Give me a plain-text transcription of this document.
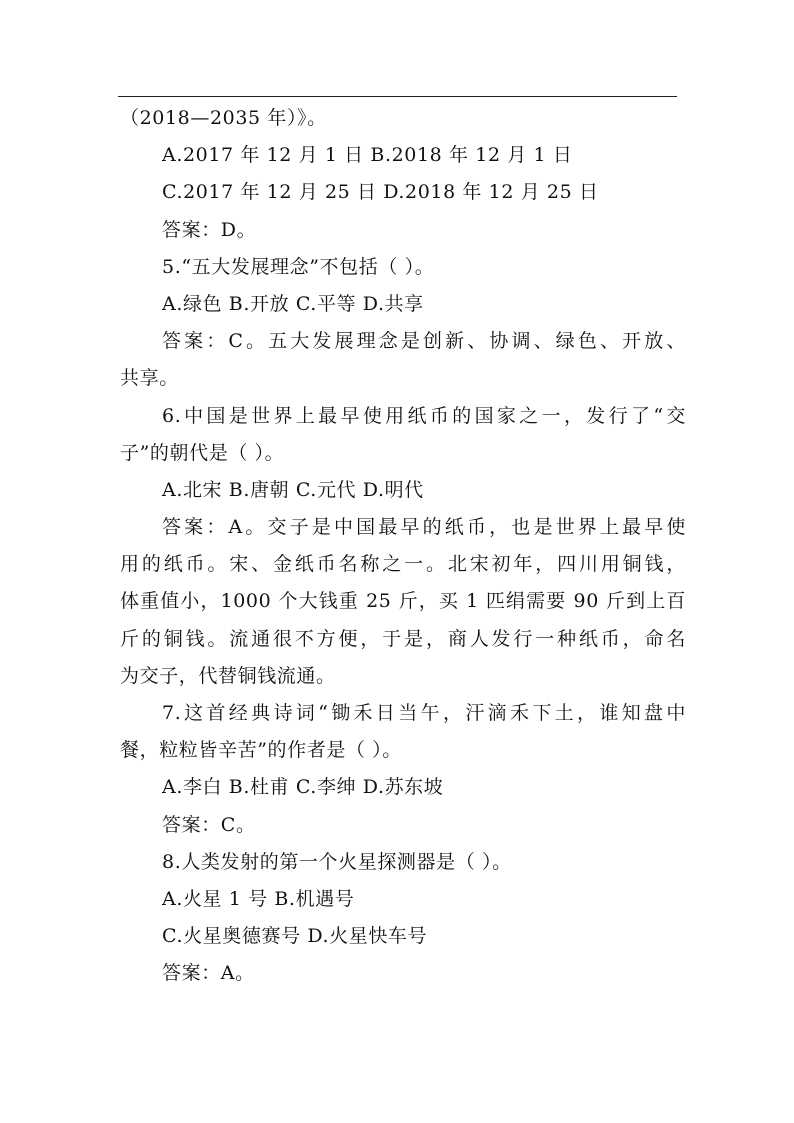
（2018—2035 年）》。
A.2017 年 12 月 1 日 B.2018 年 12 月 1 日
C.2017 年 12 月 25 日 D.2018 年 12 月 25 日
答案：D。
5.“五大发展理念”不包括（ ）。
A.绿色 B.开放 C.平等 D.共享
答案：C。五大发展理念是创新、协调、绿色、开放、
共享。
6.中国是世界上最早使用纸币的国家之一，发行了“交
子”的朝代是（ ）。
A.北宋 B.唐朝 C.元代 D.明代
答案：A。交子是中国最早的纸币，也是世界上最早使
用的纸币。宋、金纸币名称之一。北宋初年，四川用铜钱，
体重值小，1000 个大钱重 25 斤，买 1 匹绢需要 90 斤到上百
斤的铜钱。流通很不方便，于是，商人发行一种纸币，命名
为交子，代替铜钱流通。
7.这首经典诗词“锄禾日当午，汗滴禾下土，谁知盘中
餐，粒粒皆辛苦”的作者是（ ）。
A.李白 B.杜甫 C.李绅 D.苏东坡
答案：C。
8.人类发射的第一个火星探测器是（ ）。
A.火星 1 号 B.机遇号
C.火星奥德赛号 D.火星快车号
答案：A。
